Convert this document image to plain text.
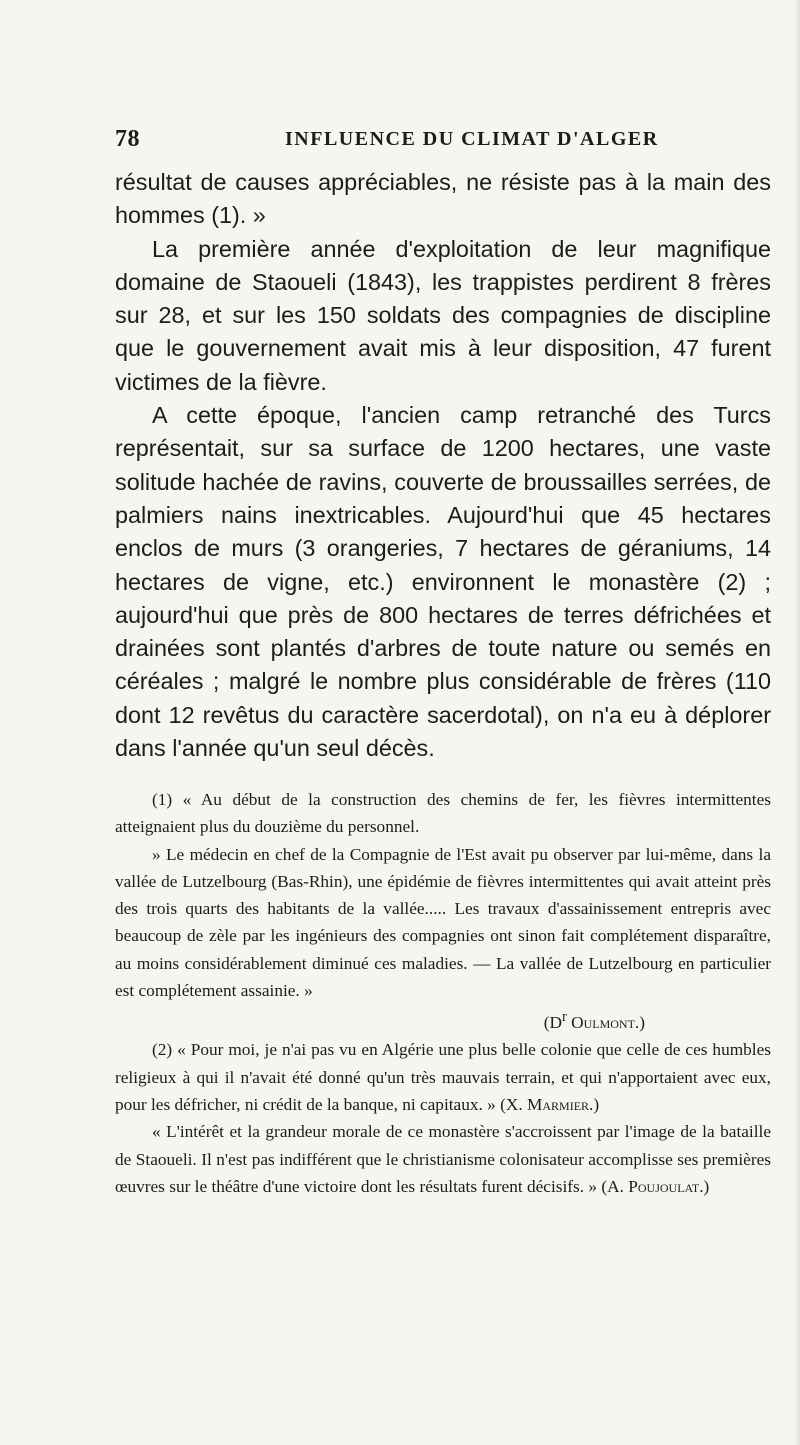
78	INFLUENCE DU CLIMAT D'ALGER

résultat de causes appréciables, ne résiste pas à la main des hommes (1). »

La première année d'exploitation de leur magnifique domaine de Staoueli (1843), les trappistes perdirent 8 frères sur 28, et sur les 150 soldats des compagnies de discipline que le gouvernement avait mis à leur disposition, 47 furent victimes de la fièvre.

A cette époque, l'ancien camp retranché des Turcs représentait, sur sa surface de 1200 hectares, une vaste solitude hachée de ravins, couverte de broussailles serrées, de palmiers nains inextricables. Aujourd'hui que 45 hectares enclos de murs (3 orangeries, 7 hectares de géraniums, 14 hectares de vigne, etc.) environnent le monastère (2) ; aujourd'hui que près de 800 hectares de terres défrichées et drainées sont plantés d'arbres de toute nature ou semés en céréales ; malgré le nombre plus considérable de frères (110 dont 12 revêtus du caractère sacerdotal), on n'a eu à déplorer dans l'année qu'un seul décès.

(1) « Au début de la construction des chemins de fer, les fièvres intermittentes atteignaient plus du douzième du personnel.

» Le médecin en chef de la Compagnie de l'Est avait pu observer par lui-même, dans la vallée de Lutzelbourg (Bas-Rhin), une épidémie de fièvres intermittentes qui avait atteint près des trois quarts des habitants de la vallée..... Les travaux d'assainissement entrepris avec beaucoup de zèle par les ingénieurs des compagnies ont sinon fait complétement disparaître, au moins considérablement diminué ces maladies. — La vallée de Lutzelbourg en particulier est complétement assainie. »

($D^r$ Oulmont.)

(2) « Pour moi, je n'ai pas vu en Algérie une plus belle colonie que celle de ces humbles religieux à qui il n'avait été donné qu'un très mauvais terrain, et qui n'apportaient avec eux, pour les défricher, ni crédit de la banque, ni capitaux. » (X. Marmier.)

« L'intérêt et la grandeur morale de ce monastère s'accroissent par l'image de la bataille de Staoueli. Il n'est pas indifférent que le christianisme colonisateur accomplisse ses premières œuvres sur le théâtre d'une victoire dont les résultats furent décisifs. » (A. Poujoulat.)
